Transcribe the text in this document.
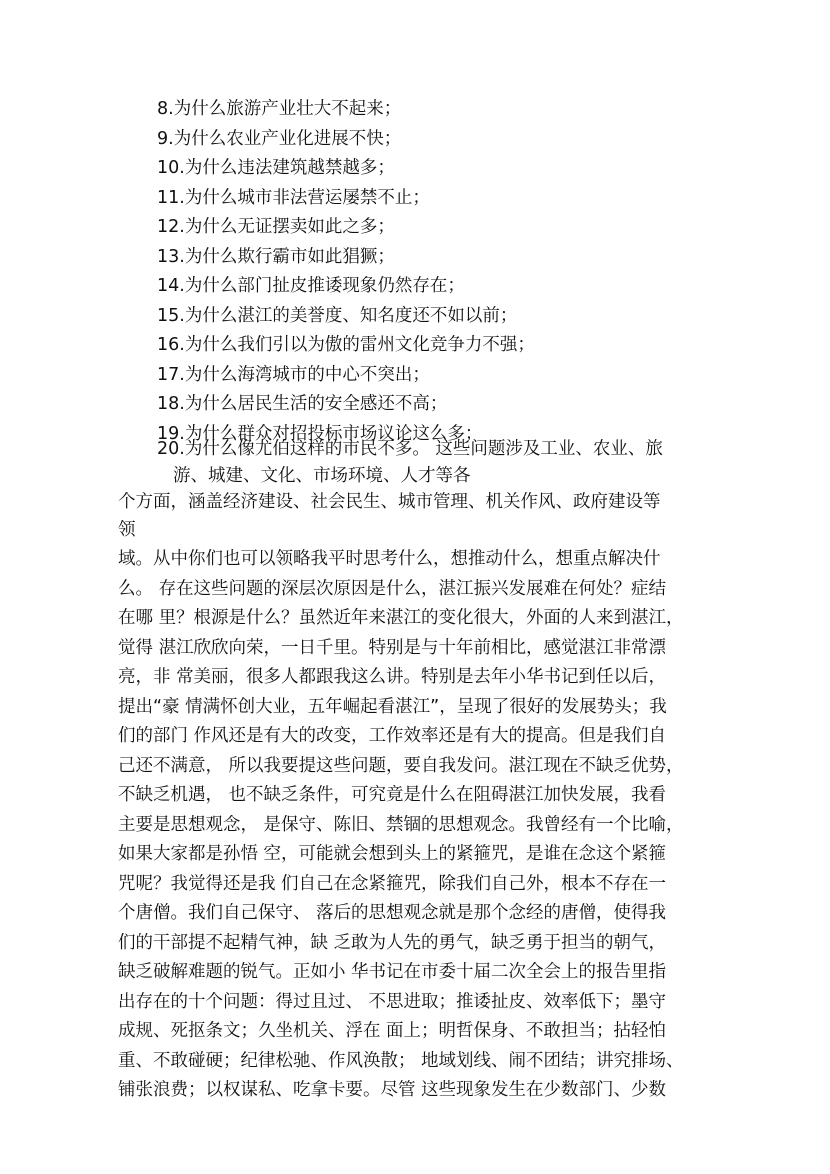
8.为什么旅游产业壮大不起来；
9.为什么农业产业化进展不快；
10.为什么违法建筑越禁越多；
11.为什么城市非法营运屡禁不止；
12.为什么无证摆卖如此之多；
13.为什么欺行霸市如此猖獗；
14.为什么部门扯皮推诿现象仍然存在；
15.为什么湛江的美誉度、知名度还不如以前；
16.为什么我们引以为傲的雷州文化竞争力不强；
17.为什么海湾城市的中心不突出；
18.为什么居民生活的安全感还不高；
19.为什么群众对招投标市场议论这么多；
20.为什么像尤伯这样的市民不多。 这些问题涉及工业、农业、旅
游、城建、文化、市场环境、人才等各
个方面，涵盖经济建设、社会民生、城市管理、机关作风、政府建设等
领
域。从中你们也可以领略我平时思考什么，想推动什么，想重点解决什
么。 存在这些问题的深层次原因是什么，湛江振兴发展难在何处？症结
在哪 里？根源是什么？虽然近年来湛江的变化很大，外面的人来到湛江，
觉得 湛江欣欣向荣，一日千里。特别是与十年前相比，感觉湛江非常漂
亮，非 常美丽，很多人都跟我这么讲。特别是去年小华书记到任以后，
提出“豪 情满怀创大业，五年崛起看湛江”，呈现了很好的发展势头；我
们的部门 作风还是有大的改变，工作效率还是有大的提高。但是我们自
己还不满意， 所以我要提这些问题，要自我发问。湛江现在不缺乏优势，
不缺乏机遇， 也不缺乏条件，可究竟是什么在阻碍湛江加快发展，我看
主要是思想观念， 是保守、陈旧、禁锢的思想观念。我曾经有一个比喻，
如果大家都是孙悟 空，可能就会想到头上的紧箍咒，是谁在念这个紧箍
咒呢？我觉得还是我 们自己在念紧箍咒，除我们自己外，根本不存在一
个唐僧。我们自己保守、 落后的思想观念就是那个念经的唐僧，使得我
们的干部提不起精气神，缺 乏敢为人先的勇气，缺乏勇于担当的朝气，
缺乏破解难题的锐气。正如小 华书记在市委十届二次全会上的报告里指
出存在的十个问题：得过且过、 不思进取；推诿扯皮、效率低下；墨守
成规、死抠条文；久坐机关、浮在 面上；明哲保身、不敢担当；拈轻怕
重、不敢碰硬；纪律松驰、作风涣散； 地域划线、闹不团结；讲究排场、
铺张浪费；以权谋私、吃拿卡要。尽管 这些现象发生在少数部门、少数
